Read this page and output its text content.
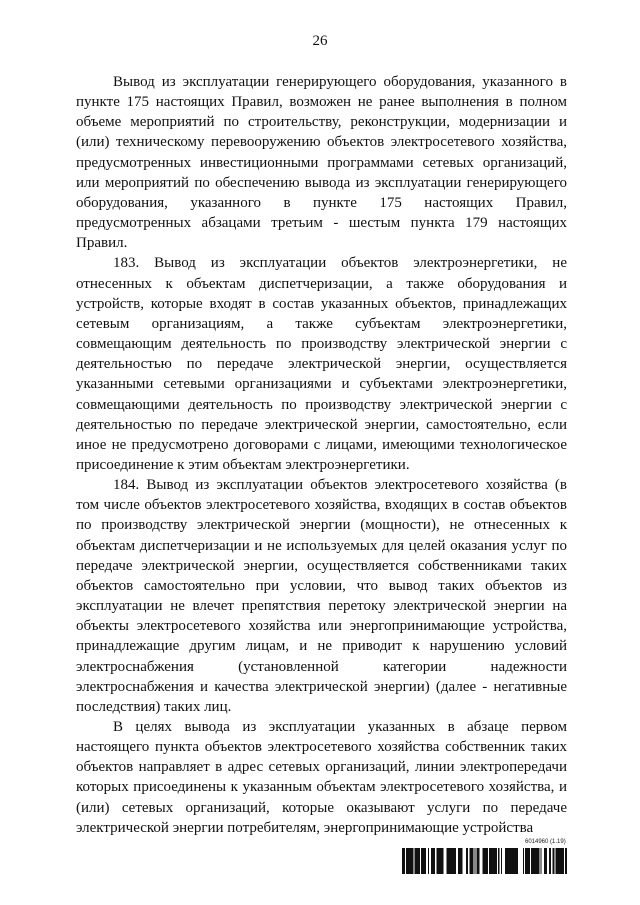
26

Вывод из эксплуатации генерирующего оборудования, указанного в пункте 175 настоящих Правил, возможен не ранее выполнения в полном объеме мероприятий по строительству, реконструкции, модернизации и (или) техническому перевооружению объектов электросетевого хозяйства, предусмотренных инвестиционными программами сетевых организаций, или мероприятий по обеспечению вывода из эксплуатации генерирующего оборудования, указанного в пункте 175 настоящих Правил, предусмотренных абзацами третьим - шестым пункта 179 настоящих Правил.

183. Вывод из эксплуатации объектов электроэнергетики, не отнесенных к объектам диспетчеризации, а также оборудования и устройств, которые входят в состав указанных объектов, принадлежащих сетевым организациям, а также субъектам электроэнергетики, совмещающим деятельность по производству электрической энергии с деятельностью по передаче электрической энергии, осуществляется указанными сетевыми организациями и субъектами электроэнергетики, совмещающими деятельность по производству электрической энергии с деятельностью по передаче электрической энергии, самостоятельно, если иное не предусмотрено договорами с лицами, имеющими технологическое присоединение к этим объектам электроэнергетики.

184. Вывод из эксплуатации объектов электросетевого хозяйства (в том числе объектов электросетевого хозяйства, входящих в состав объектов по производству электрической энергии (мощности), не отнесенных к объектам диспетчеризации и не используемых для целей оказания услуг по передаче электрической энергии, осуществляется собственниками таких объектов самостоятельно при условии, что вывод таких объектов из эксплуатации не влечет препятствия перетоку электрической энергии на объекты электросетевого хозяйства или энергопринимающие устройства, принадлежащие другим лицам, и не приводит к нарушению условий электроснабжения (установленной категории надежности электроснабжения и качества электрической энергии) (далее - негативные последствия) таких лиц.

В целях вывода из эксплуатации указанных в абзаце первом настоящего пункта объектов электросетевого хозяйства собственник таких объектов направляет в адрес сетевых организаций, линии электропередачи которых присоединены к указанным объектам электросетевого хозяйства, и (или) сетевых организаций, которые оказывают услуги по передаче электрической энергии потребителям, энергопринимающие устройства

6014960 (1.19)
